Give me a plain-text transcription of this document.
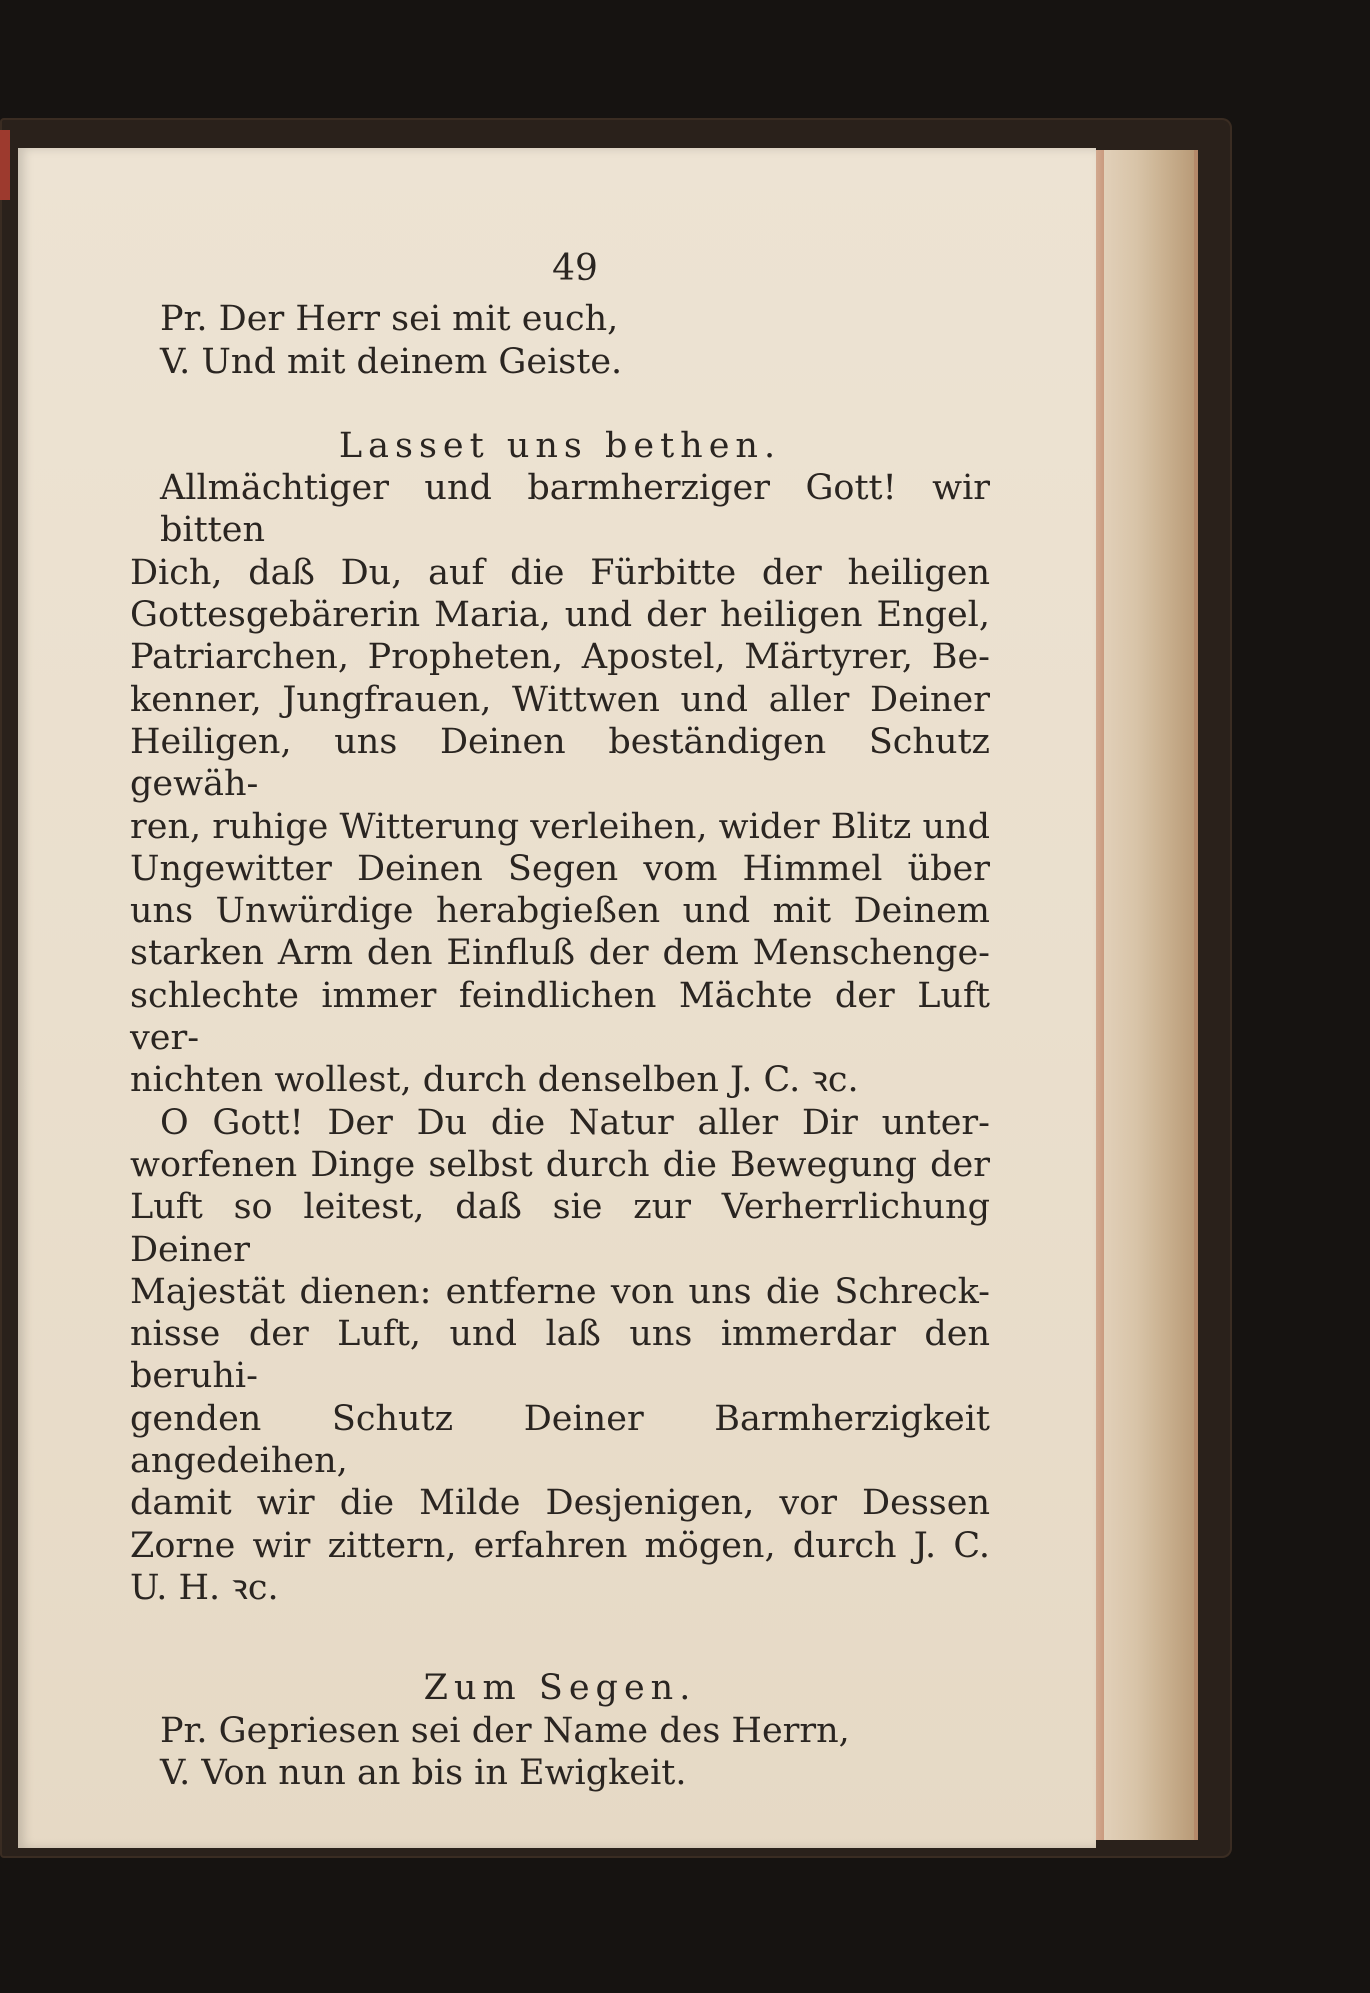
49
Pr. Der Herr sei mit euch,
V. Und mit deinem Geiste.
Lasset uns bethen.
Allmächtiger und barmherziger Gott! wir bitten
Dich, daß Du, auf die Fürbitte der heiligen
Gottesgebärerin Maria, und der heiligen Engel,
Patriarchen, Propheten, Apostel, Märtyrer, Be-
kenner, Jungfrauen, Wittwen und aller Deiner
Heiligen, uns Deinen beständigen Schutz gewäh-
ren, ruhige Witterung verleihen, wider Blitz und
Ungewitter Deinen Segen vom Himmel über
uns Unwürdige herabgießen und mit Deinem
starken Arm den Einfluß der dem Menschenge-
schlechte immer feindlichen Mächte der Luft ver-
nichten wollest, durch denselben J. C. ꝛc.
O Gott! Der Du die Natur aller Dir unter-
worfenen Dinge selbst durch die Bewegung der
Luft so leitest, daß sie zur Verherrlichung Deiner
Majestät dienen: entferne von uns die Schreck-
nisse der Luft, und laß uns immerdar den beruhi-
genden Schutz Deiner Barmherzigkeit angedeihen,
damit wir die Milde Desjenigen, vor Dessen
Zorne wir zittern, erfahren mögen, durch J. C.
U. H. ꝛc.
Zum Segen.
Pr. Gepriesen sei der Name des Herrn,
V. Von nun an bis in Ewigkeit.
